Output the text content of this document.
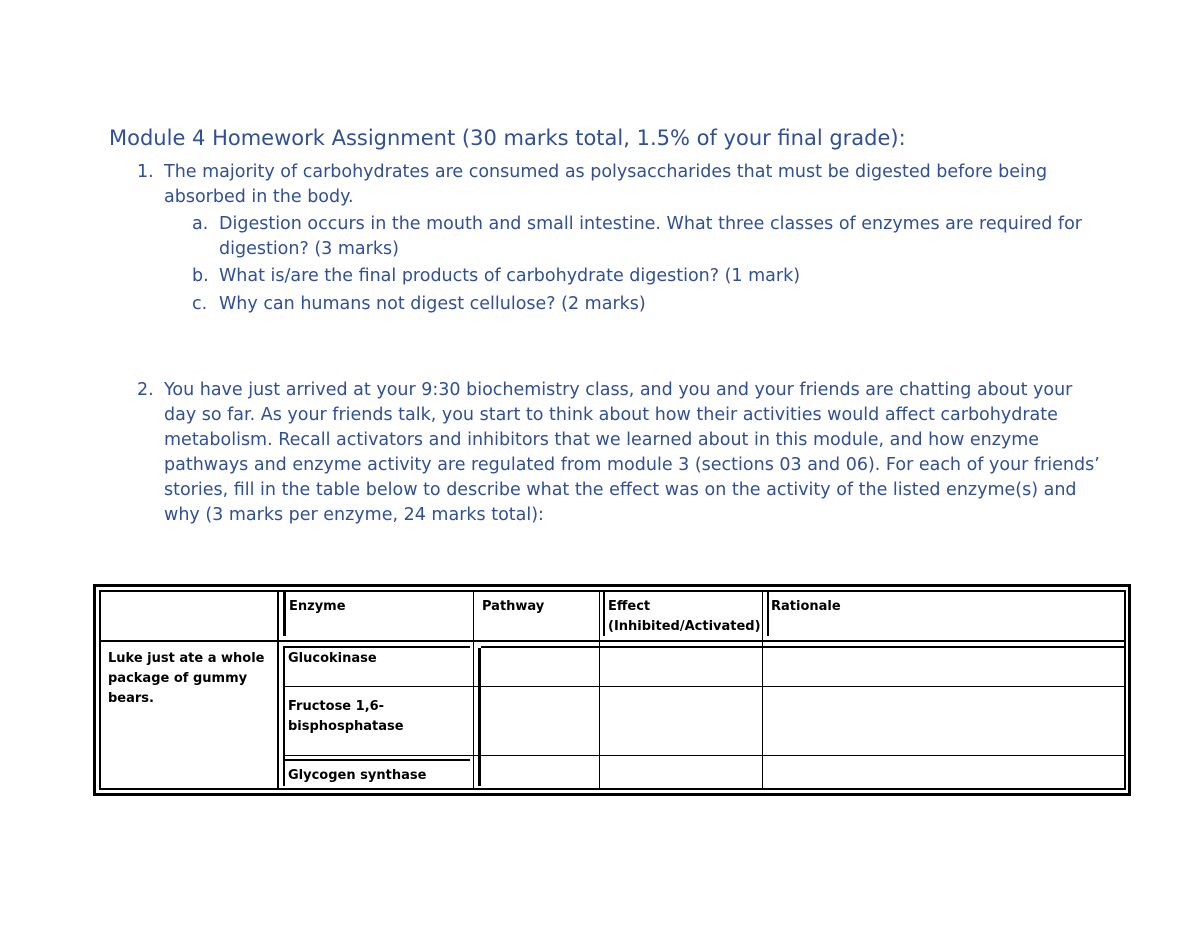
Module 4 Homework Assignment (30 marks total, 1.5% of your final grade):
1. The majority of carbohydrates are consumed as polysaccharides that must be digested before being absorbed in the body.
a. Digestion occurs in the mouth and small intestine. What three classes of enzymes are required for digestion? (3 marks)
b. What is/are the final products of carbohydrate digestion? (1 mark)
c. Why can humans not digest cellulose? (2 marks)
2. You have just arrived at your 9:30 biochemistry class, and you and your friends are chatting about your day so far. As your friends talk, you start to think about how their activities would affect carbohydrate metabolism. Recall activators and inhibitors that we learned about in this module, and how enzyme pathways and enzyme activity are regulated from module 3 (sections 03 and 06). For each of your friends’ stories, fill in the table below to describe what the effect was on the activity of the listed enzyme(s) and why (3 marks per enzyme, 24 marks total):
Enzyme	Pathway	Effect (Inhibited/Activated)
Rationale
Luke just ate a whole package of gummy bears.
Glucokinase
Fructose 1,6-bisphosphatase
Glycogen synthase
